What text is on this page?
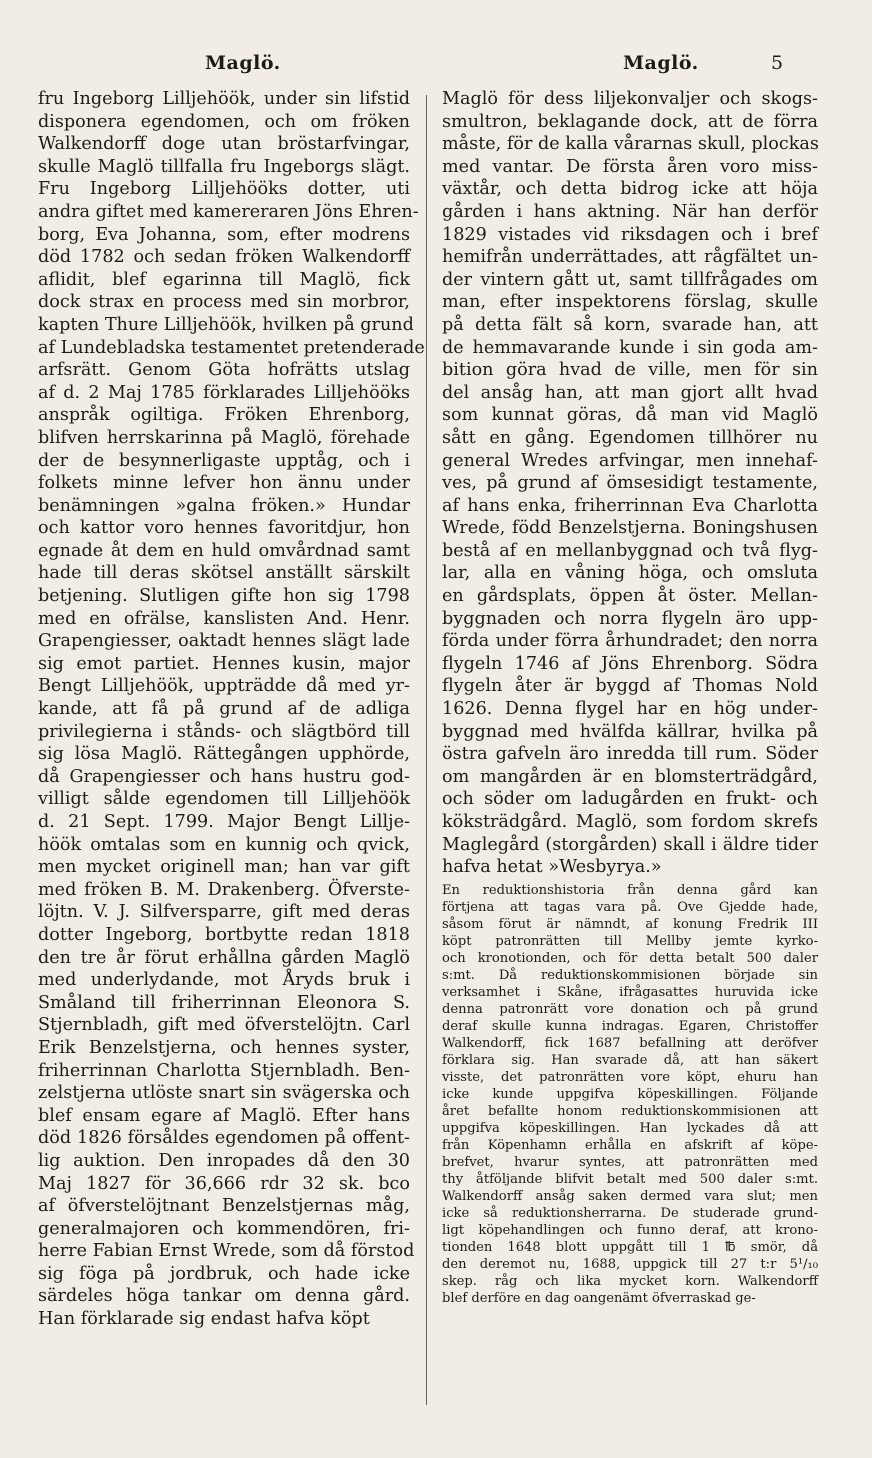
Maglö.	Maglö.	5
fru Ingeborg Lilljehöök, under sin lifstid
disponera egendomen, och om fröken
Walkendorff doge utan bröstarfvingar,
skulle Maglö tillfalla fru Ingeborgs slägt.
Fru Ingeborg Lilljehööks dotter, uti
andra giftet med kamereraren Jöns Ehren-
borg, Eva Johanna, som, efter modrens
död 1782 och sedan fröken Walkendorff
aflidit, blef egarinna till Maglö, fick
dock strax en process med sin morbror,
kapten Thure Lilljehöök, hvilken på grund
af Lundebladska testamentet pretenderade
arfsrätt. Genom Göta hofrätts utslag
af d. 2 Maj 1785 förklarades Lilljehööks
anspråk ogiltiga. Fröken Ehrenborg,
blifven herrskarinna på Maglö, förehade
der de besynnerligaste upptåg, och i
folkets minne lefver hon ännu under
benämningen »galna fröken.» Hundar
och kattor voro hennes favoritdjur, hon
egnade åt dem en huld omvårdnad samt
hade till deras skötsel anställt särskilt
betjening. Slutligen gifte hon sig 1798
med en ofrälse, kanslisten And. Henr.
Grapengiesser, oaktadt hennes slägt lade
sig emot partiet. Hennes kusin, major
Bengt Lilljehöök, uppträdde då med yr-
kande, att få på grund af de adliga
privilegierna i stånds- och slägtbörd till
sig lösa Maglö. Rättegången upphörde,
då Grapengiesser och hans hustru god-
villigt sålde egendomen till Lilljehöök
d. 21 Sept. 1799. Major Bengt Lillje-
höök omtalas som en kunnig och qvick,
men mycket originell man; han var gift
med fröken B. M. Drakenberg. Öfverste-
löjtn. V. J. Silfversparre, gift med deras
dotter Ingeborg, bortbytte redan 1818
den tre år förut erhållna gården Maglö
med underlydande, mot Åryds bruk i
Småland till friherrinnan Eleonora S.
Stjernbladh, gift med öfverstelöjtn. Carl
Erik Benzelstjerna, och hennes syster,
friherrinnan Charlotta Stjernbladh. Ben-
zelstjerna utlöste snart sin svägerska och
blef ensam egare af Maglö. Efter hans
död 1826 försåldes egendomen på offent-
lig auktion. Den inropades då den 30
Maj 1827 för 36,666 rdr 32 sk. bco
af öfverstelöjtnant Benzelstjernas måg,
generalmajoren och kommendören, fri-
herre Fabian Ernst Wrede, som då förstod
sig föga på jordbruk, och hade icke
särdeles höga tankar om denna gård.
Han förklarade sig endast hafva köpt
Maglö för dess liljekonvaljer och skogs-
smultron, beklagande dock, att de förra
måste, för de kalla vårarnas skull, plockas
med vantar. De första åren voro miss-
växtår, och detta bidrog icke att höja
gården i hans aktning. När han derför
1829 vistades vid riksdagen och i bref
hemifrån underrättades, att rågfältet un-
der vintern gått ut, samt tillfrågades om
man, efter inspektorens förslag, skulle
på detta fält så korn, svarade han, att
de hemmavarande kunde i sin goda am-
bition göra hvad de ville, men för sin
del ansåg han, att man gjort allt hvad
som kunnat göras, då man vid Maglö
sått en gång. Egendomen tillhörer nu
general Wredes arfvingar, men innehaf-
ves, på grund af ömsesidigt testamente,
af hans enka, friherrinnan Eva Charlotta
Wrede, född Benzelstjerna. Boningshusen
bestå af en mellanbyggnad och två flyg-
lar, alla en våning höga, och omsluta
en gårdsplats, öppen åt öster. Mellan-
byggnaden och norra flygeln äro upp-
förda under förra århundradet; den norra
flygeln 1746 af Jöns Ehrenborg. Södra
flygeln åter är byggd af Thomas Nold
1626. Denna flygel har en hög under-
byggnad med hvälfda källrar, hvilka på
östra gafveln äro inredda till rum. Söder
om mangården är en blomsterträdgård,
och söder om ladugården en frukt- och
köksträdgård. Maglö, som fordom skrefs
Maglegård (storgården) skall i äldre tider
hafva hetat »Wesbyrya.»
En reduktionshistoria från denna gård kan
förtjena att tagas vara på. Ove Gjedde hade,
såsom förut är nämndt, af konung Fredrik III
köpt patronrätten till Mellby jemte kyrko-
och kronotionden, och för detta betalt 500 daler
s:mt. Då reduktionskommisionen började sin
verksamhet i Skåne, ifrågasattes huruvida icke
denna patronrätt vore donation och på grund
deraf skulle kunna indragas. Egaren, Christoffer
Walkendorff, fick 1687 befallning att deröfver
förklara sig. Han svarade då, att han säkert
visste, det patronrätten vore köpt, ehuru han
icke kunde uppgifva köpeskillingen. Följande
året befallte honom reduktionskommisionen att
uppgifva köpeskillingen. Han lyckades då att
från Köpenhamn erhålla en afskrift af köpe-
brefvet, hvarur syntes, att patronrätten med
thy åtföljande blifvit betalt med 500 daler s:mt.
Walkendorff ansåg saken dermed vara slut; men
icke så reduktionsherrarna. De studerade grund-
ligt köpehandlingen och funno deraf, att krono-
tionden 1648 blott uppgått till 1 ℔ smör, då
den deremot nu, 1688, uppgick till 27 t:r 5¹/₁₀
skep. råg och lika mycket korn. Walkendorff
blef derföre en dag oangenämt öfverraskad ge-
